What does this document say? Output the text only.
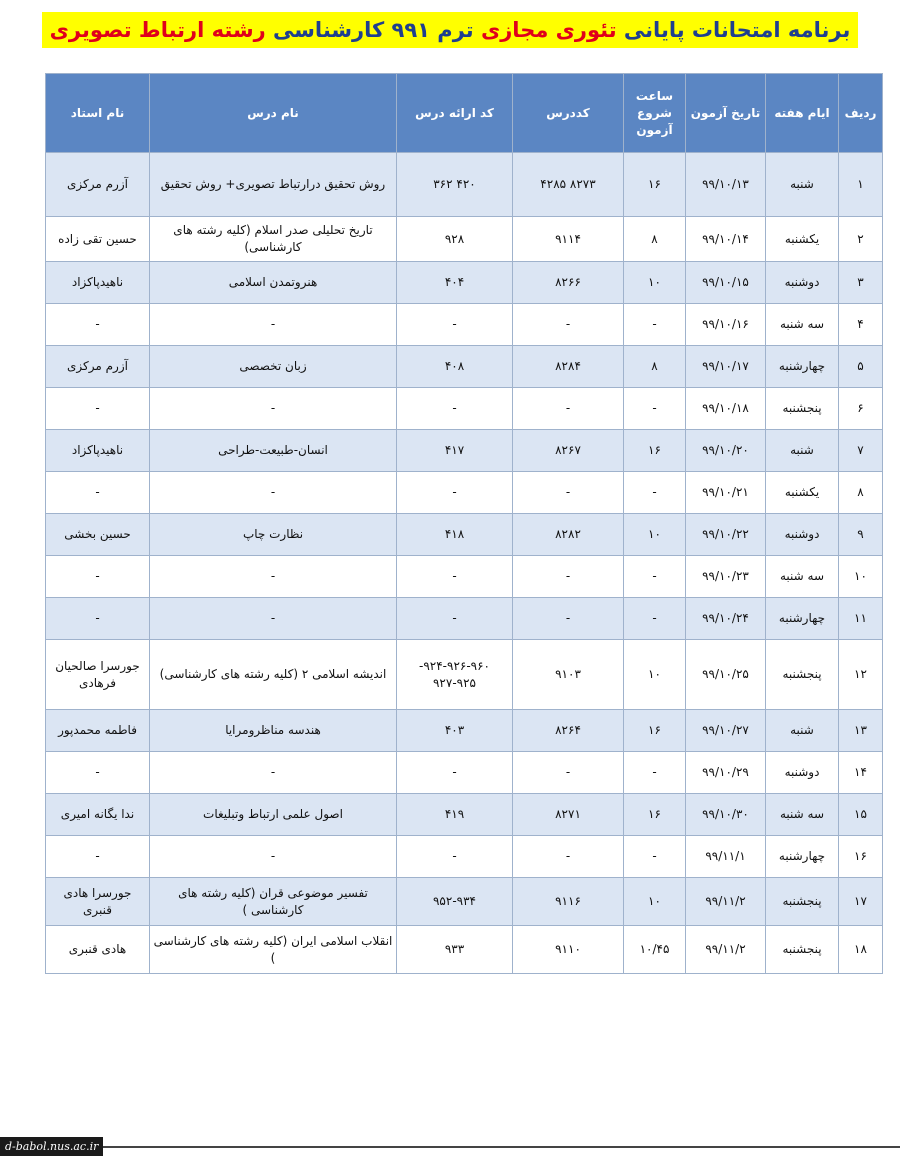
برنامه امتحانات پایانی تئوری مجازی ترم ۹۹۱ کارشناسی رشته ارتباط تصویری
ردیف	ایام هفته	تاریخ آزمون	ساعت شروع آزمون	کددرس	کد ارائه درس	نام درس	نام استاد
۱	شنبه	۹۹/۱۰/۱۳	۱۶	۸۲۷۳ ۴۲۸۵	۴۲۰ ۳۶۲	روش تحقیق درارتباط تصویری+ روش تحقیق	آزرم مرکزی
۲	یکشنبه	۹۹/۱۰/۱۴	۸	۹۱۱۴	۹۲۸	تاریخ تحلیلی صدر اسلام (کلیه رشته های کارشناسی)	حسین تقی زاده
۳	دوشنبه	۹۹/۱۰/۱۵	۱۰	۸۲۶۶	۴۰۴	هنروتمدن اسلامی	ناهیدپاکزاد
۴	سه شنبه	۹۹/۱۰/۱۶	-	-	-	-	-
۵	چهارشنبه	۹۹/۱۰/۱۷	۸	۸۲۸۴	۴۰۸	زبان تخصصی	آزرم مرکزی
۶	پنجشنبه	۹۹/۱۰/۱۸	-	-	-	-	-
۷	شنبه	۹۹/۱۰/۲۰	۱۶	۸۲۶۷	۴۱۷	انسان-طبیعت-طراحی	ناهیدپاکزاد
۸	یکشنبه	۹۹/۱۰/۲۱	-	-	-	-	-
۹	دوشنبه	۹۹/۱۰/۲۲	۱۰	۸۲۸۲	۴۱۸	نظارت چاپ	حسین بخشی
۱۰	سه شنبه	۹۹/۱۰/۲۳	-	-	-	-	-
۱۱	چهارشنبه	۹۹/۱۰/۲۴	-	-	-	-	-
۱۲	پنجشنبه	۹۹/۱۰/۲۵	۱۰	۹۱۰۳	۹۲۴-۹۲۶-۹۶۰- ۹۲۷-۹۲۵	اندیشه اسلامی ۲ (کلیه رشته های کارشناسی)	جورسرا صالحیان فرهادی
۱۳	شنبه	۹۹/۱۰/۲۷	۱۶	۸۲۶۴	۴۰۳	هندسه مناظرومرایا	فاطمه محمدپور
۱۴	دوشنبه	۹۹/۱۰/۲۹	-	-	-	-	-
۱۵	سه شنبه	۹۹/۱۰/۳۰	۱۶	۸۲۷۱	۴۱۹	اصول علمی ارتباط وتبلیغات	ندا یگانه امیری
۱۶	چهارشنبه	۹۹/۱۱/۱	-	-	-	-	-
۱۷	پنجشنبه	۹۹/۱۱/۲	۱۰	۹۱۱۶	۹۵۲-۹۳۴	تفسیر موضوعی قران (کلیه رشته های کارشناسی )	جورسرا هادی قنبری
۱۸	پنجشنبه	۹۹/۱۱/۲	۱۰/۴۵	۹۱۱۰	۹۳۳	انقلاب اسلامی ایران (کلیه رشته های کارشناسی )	هادی قنبری
d-babol.nus.ac.ir
